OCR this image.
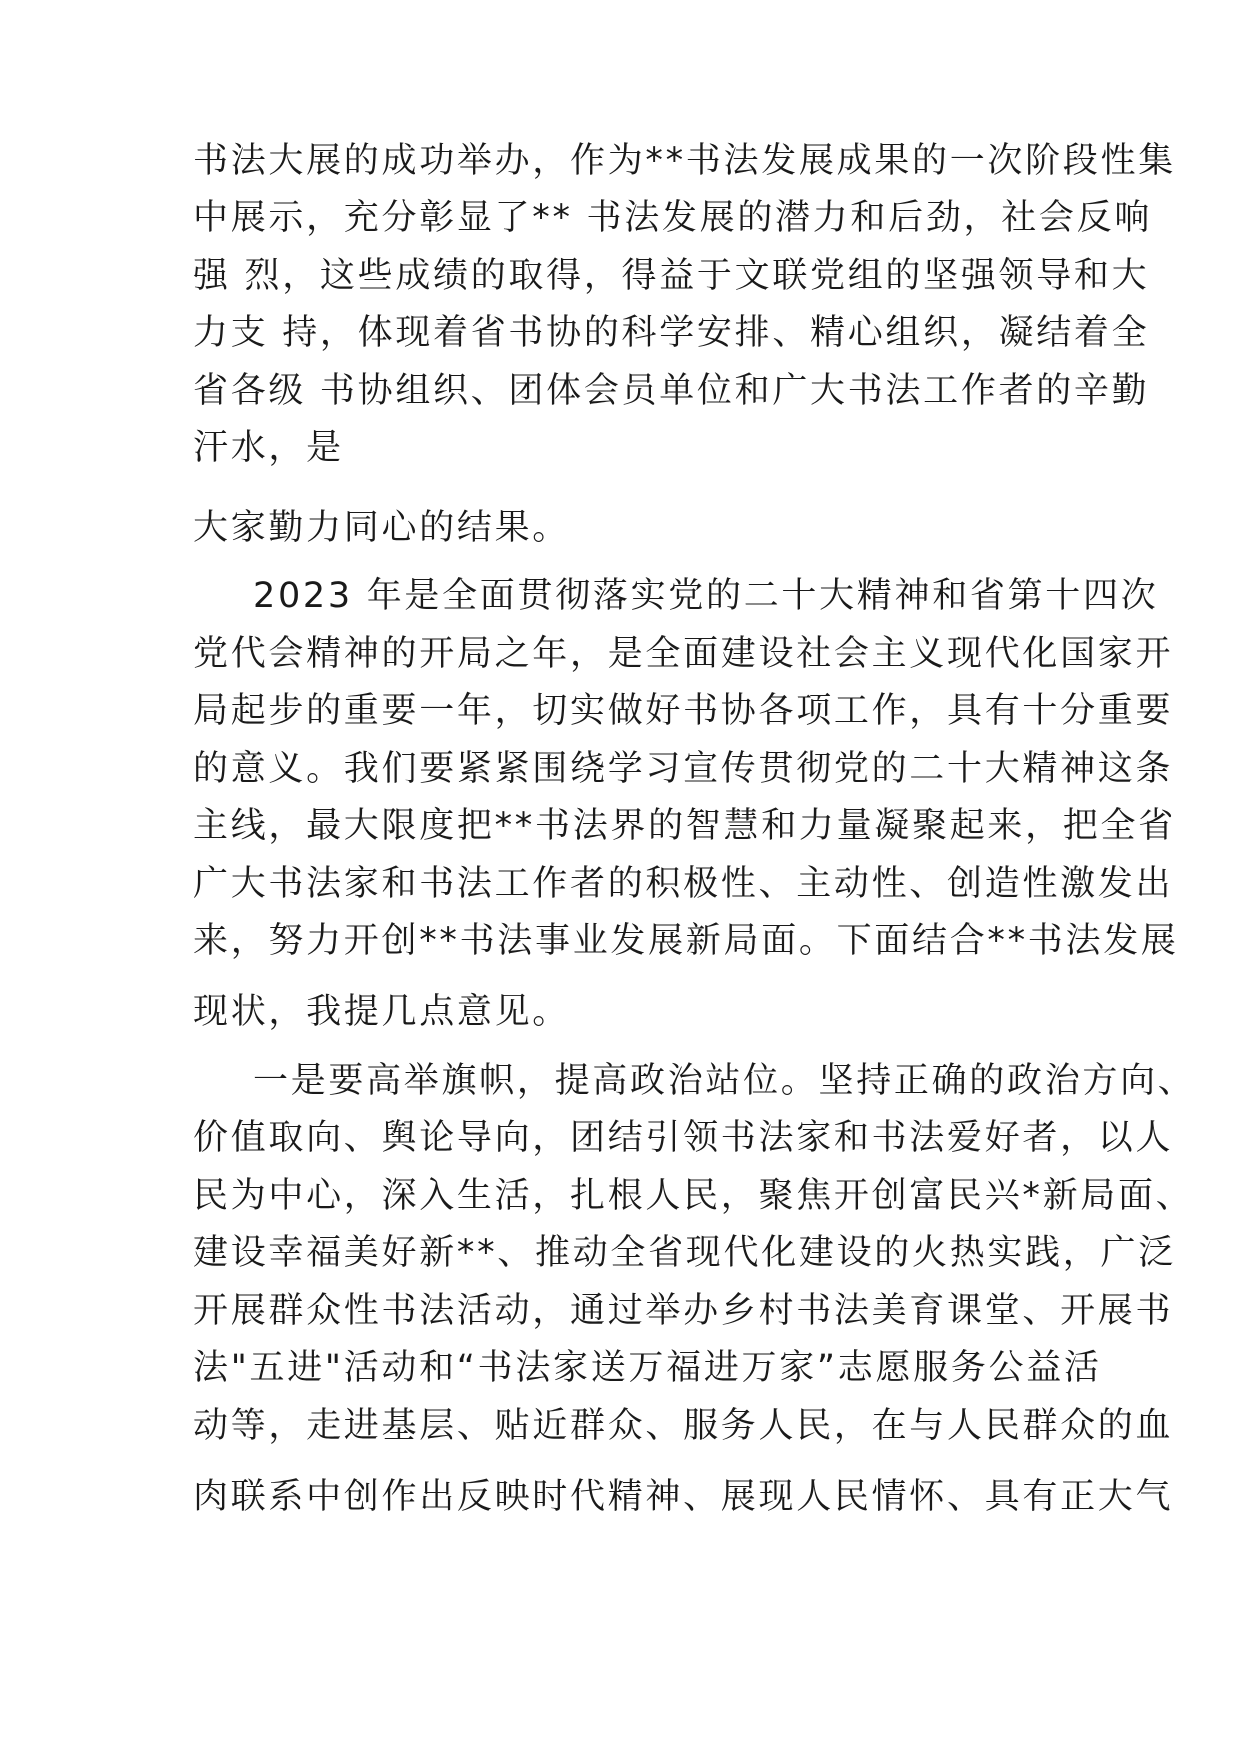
书法大展的成功举办，作为**书法发展成果的一次阶段性集
中展示，充分彰显了** 书法发展的潜力和后劲，社会反响
强 烈，这些成绩的取得，得益于文联党组的坚强领导和大
力支 持，体现着省书协的科学安排、精心组织，凝结着全
省各级 书协组织、团体会员单位和广大书法工作者的辛勤
汗水，是
大家勤力同心的结果。
2023 年是全面贯彻落实党的二十大精神和省第十四次
党代会精神的开局之年，是全面建设社会主义现代化国家开
局起步的重要一年，切实做好书协各项工作，具有十分重要
的意义。我们要紧紧围绕学习宣传贯彻党的二十大精神这条
主线，最大限度把**书法界的智慧和力量凝聚起来，把全省
广大书法家和书法工作者的积极性、主动性、创造性激发出
来，努力开创**书法事业发展新局面。下面结合**书法发展
现状，我提几点意见。
一是要高举旗帜，提高政治站位。坚持正确的政治方向、
价值取向、舆论导向，团结引领书法家和书法爱好者，以人
民为中心，深入生活，扎根人民，聚焦开创富民兴*新局面、
建设幸福美好新**、推动全省现代化建设的火热实践，广泛
开展群众性书法活动，通过举办乡村书法美育课堂、开展书
法"五进"活动和“书法家送万福进万家”志愿服务公益活
动等，走进基层、贴近群众、服务人民，在与人民群众的血
肉联系中创作出反映时代精神、展现人民情怀、具有正大气
